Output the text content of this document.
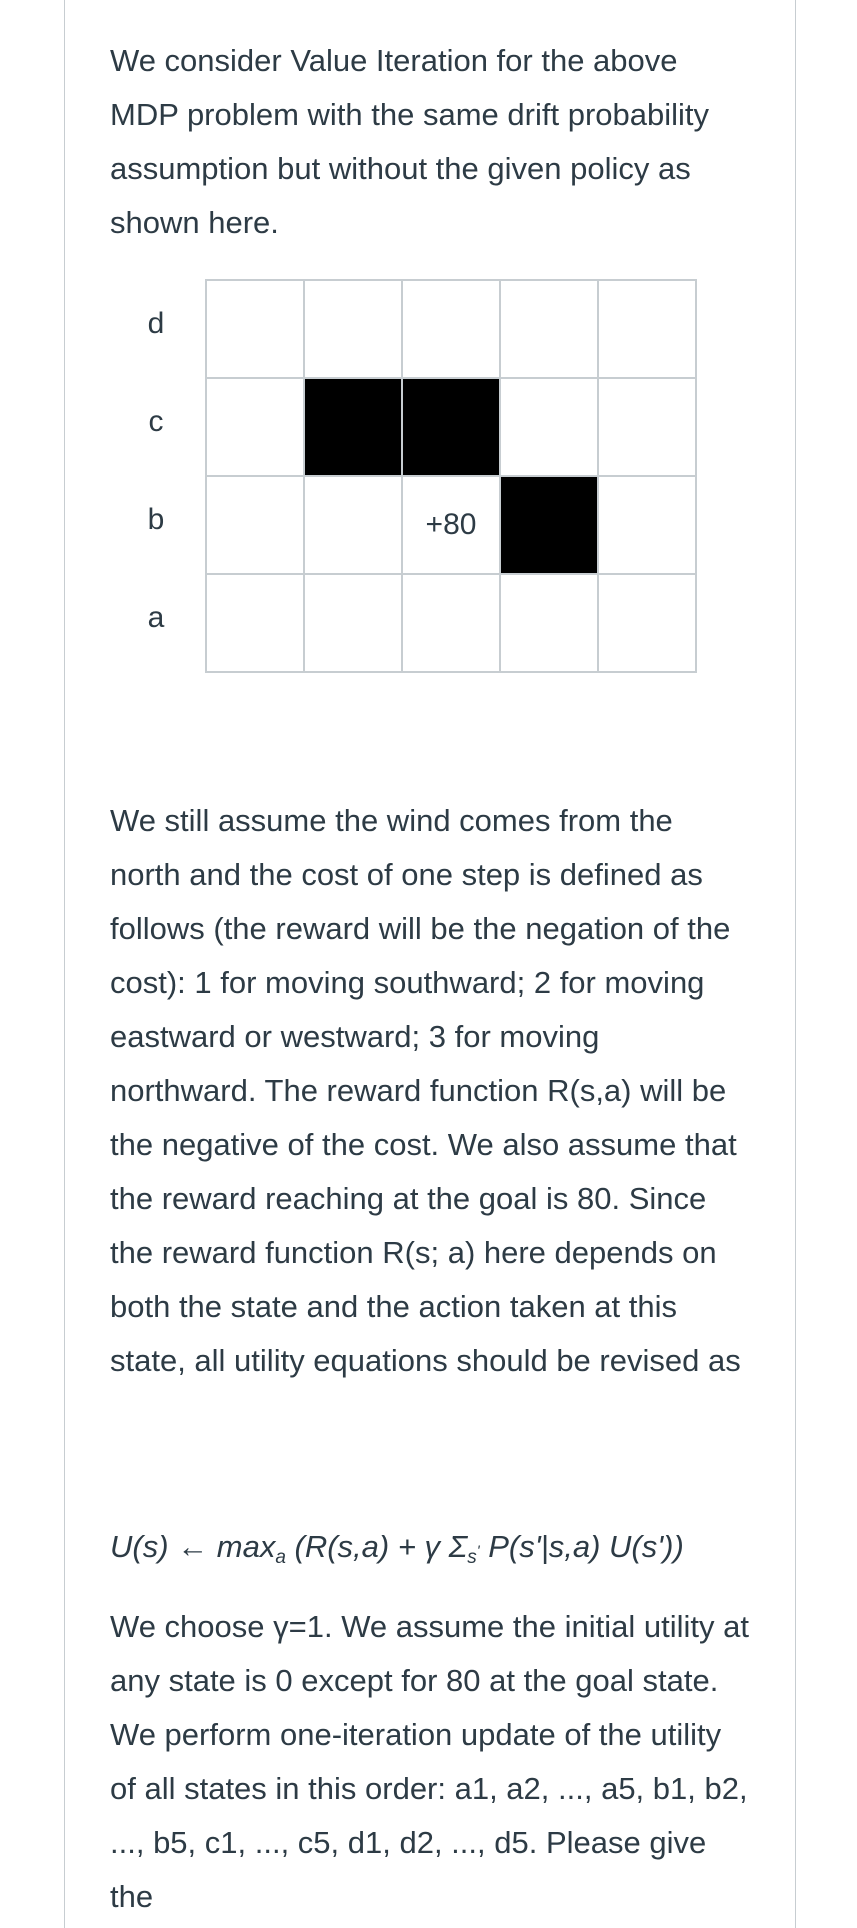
We consider Value Iteration for the above MDP problem with the same drift probability assumption but without the given policy as shown here.

d
c
b
a
+80

We still assume the wind comes from the north and the cost of one step is defined as follows (the reward will be the negation of the cost): 1 for moving southward; 2 for moving eastward or westward; 3 for moving northward. The reward function R(s,a) will be the negative of the cost. We also assume that the reward reaching at the goal is 80. Since the reward function R(s; a) here depends on both the state and the action taken at this state, all utility equations should be revised as

U(s) ← $\max_a (R(s,a) + \gamma$ $\Sigma_{s'}$ P(s'|s,a) U(s'))

We choose γ=1. We assume the initial utility at any state is 0 except for 80 at the goal state. We perform one-iteration update of the utility of all states in this order: a1, a2, ..., a5, b1, b2, ..., b5, c1, ..., c5, d1, d2, ..., d5. Please give the
